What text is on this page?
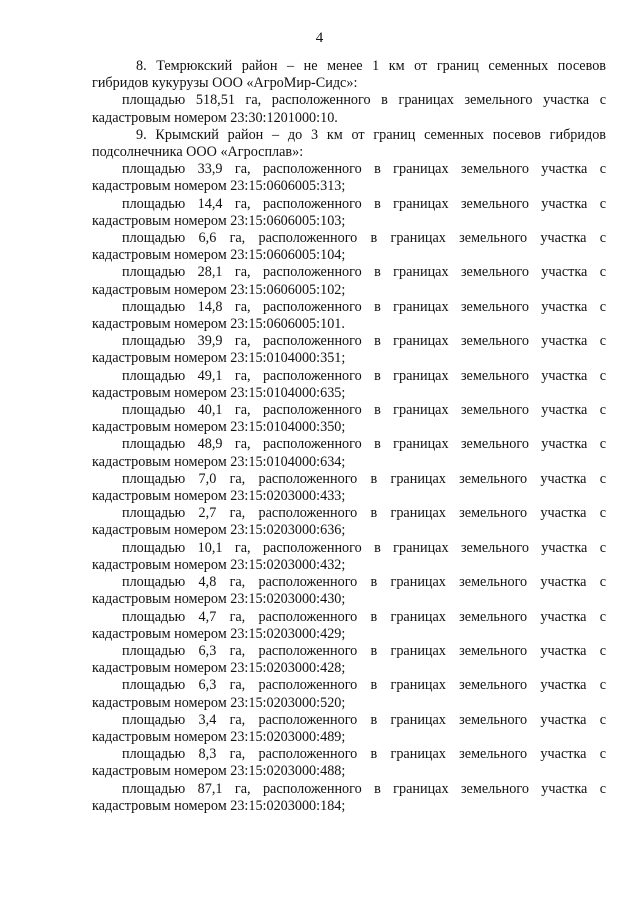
4
8. Темрюкский район – не менее 1 км от границ семенных посевов
гибридов кукурузы ООО «АгроМир-Сидс»:
площадью 518,51 га, расположенного в границах земельного участка с
кадастровым номером 23:30:1201000:10.
9. Крымский район – до 3 км от границ семенных посевов гибридов
подсолнечника ООО «Агросплав»:
площадью 33,9 га, расположенного в границах земельного участка с
кадастровым номером 23:15:0606005:313;
площадью 14,4 га, расположенного в границах земельного участка с
кадастровым номером 23:15:0606005:103;
площадью 6,6 га, расположенного в границах земельного участка с
кадастровым номером 23:15:0606005:104;
площадью 28,1 га, расположенного в границах земельного участка с
кадастровым номером 23:15:0606005:102;
площадью 14,8 га, расположенного в границах земельного участка с
кадастровым номером 23:15:0606005:101.
площадью 39,9 га, расположенного в границах земельного участка с
кадастровым номером 23:15:0104000:351;
площадью 49,1 га, расположенного в границах земельного участка с
кадастровым номером 23:15:0104000:635;
площадью 40,1 га, расположенного в границах земельного участка с
кадастровым номером 23:15:0104000:350;
площадью 48,9 га, расположенного в границах земельного участка с
кадастровым номером 23:15:0104000:634;
площадью 7,0 га, расположенного в границах земельного участка с
кадастровым номером 23:15:0203000:433;
площадью 2,7 га, расположенного в границах земельного участка с
кадастровым номером 23:15:0203000:636;
площадью 10,1 га, расположенного в границах земельного участка с
кадастровым номером 23:15:0203000:432;
площадью 4,8 га, расположенного в границах земельного участка с
кадастровым номером 23:15:0203000:430;
площадью 4,7 га, расположенного в границах земельного участка с
кадастровым номером 23:15:0203000:429;
площадью 6,3 га, расположенного в границах земельного участка с
кадастровым номером 23:15:0203000:428;
площадью 6,3 га, расположенного в границах земельного участка с
кадастровым номером 23:15:0203000:520;
площадью 3,4 га, расположенного в границах земельного участка с
кадастровым номером 23:15:0203000:489;
площадью 8,3 га, расположенного в границах земельного участка с
кадастровым номером 23:15:0203000:488;
площадью 87,1 га, расположенного в границах земельного участка с
кадастровым номером 23:15:0203000:184;
